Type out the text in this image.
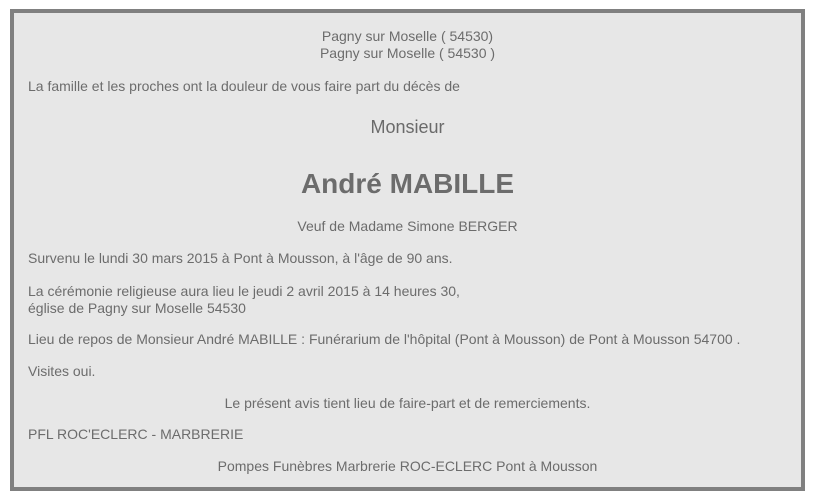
Pagny sur Moselle ( 54530)
Pagny sur Moselle ( 54530 )
La famille et les proches ont la douleur de vous faire part du décès de
Monsieur
André MABILLE
Veuf de Madame Simone BERGER
Survenu le lundi 30 mars 2015 à Pont à Mousson, à l'âge de 90 ans.
La cérémonie religieuse aura lieu le jeudi 2 avril 2015 à 14 heures 30,
église de Pagny sur Moselle 54530
Lieu de repos de Monsieur André MABILLE : Funérarium de l'hôpital (Pont à Mousson) de Pont à Mousson 54700 .
Visites oui.
Le présent avis tient lieu de faire-part et de remerciements.
PFL ROC'ECLERC - MARBRERIE
Pompes Funèbres Marbrerie ROC-ECLERC Pont à Mousson
